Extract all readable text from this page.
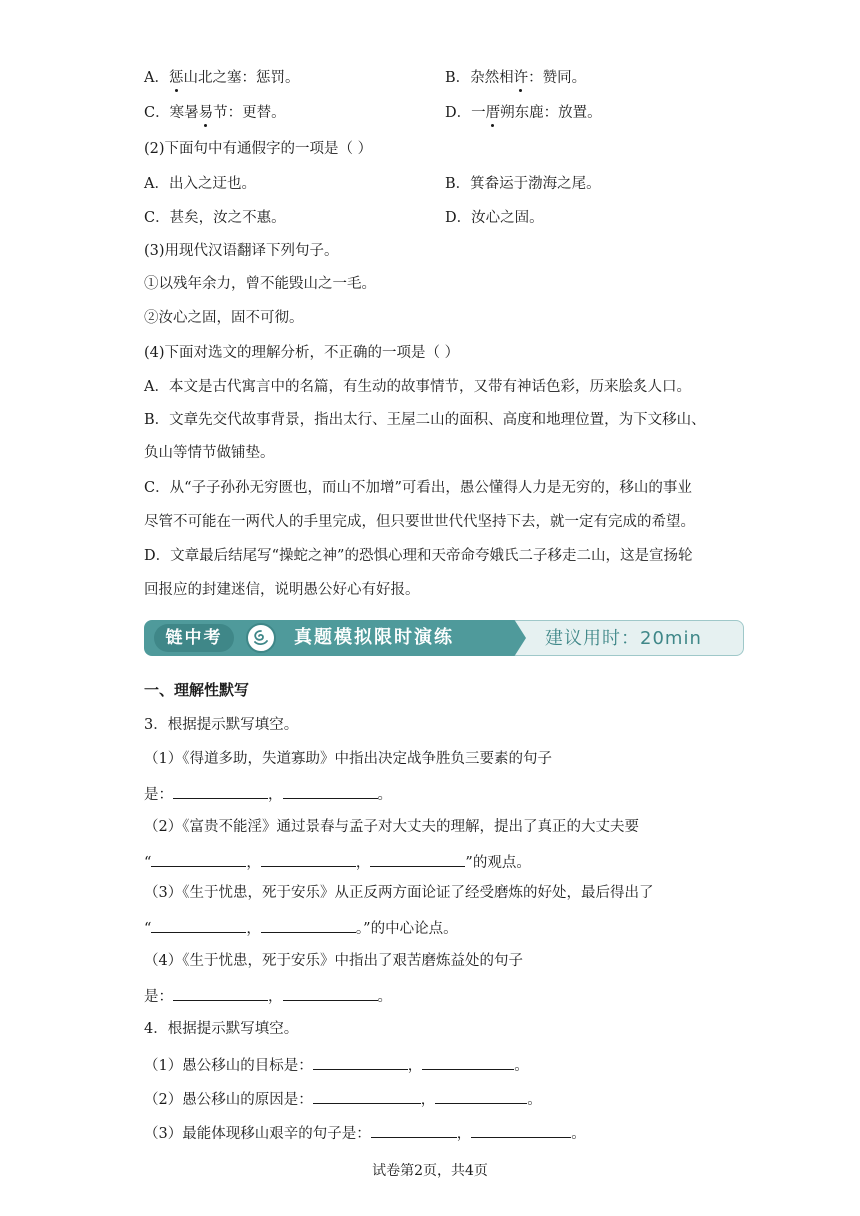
A．惩山北之塞：惩罚。	B．杂然相许：赞同。
C．寒暑易节：更替。	D．一厝朔东鹿：放置。
(2)下面句中有通假字的一项是（ ）
A．出入之迂也。	B．箕畚运于渤海之尾。
C．甚矣，汝之不惠。	D．汝心之固。
(3)用现代汉语翻译下列句子。
①以残年余力，曾不能毁山之一毛。
②汝心之固，固不可彻。
(4)下面对选文的理解分析，不正确的一项是（ ）
A．本文是古代寓言中的名篇，有生动的故事情节，又带有神话色彩，历来脍炙人口。
B．文章先交代故事背景，指出太行、王屋二山的面积、高度和地理位置，为下文移山、
负山等情节做铺垫。
C．从“子子孙孙无穷匮也，而山不加增”可看出，愚公懂得人力是无穷的，移山的事业
尽管不可能在一两代人的手里完成，但只要世世代代坚持下去，就一定有完成的希望。
D．文章最后结尾写“操蛇之神”的恐惧心理和天帝命夸娥氏二子移走二山，这是宣扬轮
回报应的封建迷信，说明愚公好心有好报。
建议用时：20min
链中考	真题模拟限时演练
一、理解性默写
3．根据提示默写填空。
（1）《得道多助，失道寡助》中指出决定战争胜负三要素的句子
是：	，	。
（2）《富贵不能淫》通过景春与孟子对大丈夫的理解，提出了真正的大丈夫要
“	，	，	”的观点。
（3）《生于忧患，死于安乐》从正反两方面论证了经受磨炼的好处，最后得出了
“	，	。”的中心论点。
（4）《生于忧患，死于安乐》中指出了艰苦磨炼益处的句子
是：	，	。
4．根据提示默写填空。
（1）愚公移山的目标是：	，	。
（2）愚公移山的原因是：	，	。
（3）最能体现移山艰辛的句子是：	，	。
试卷第2页，共4页
